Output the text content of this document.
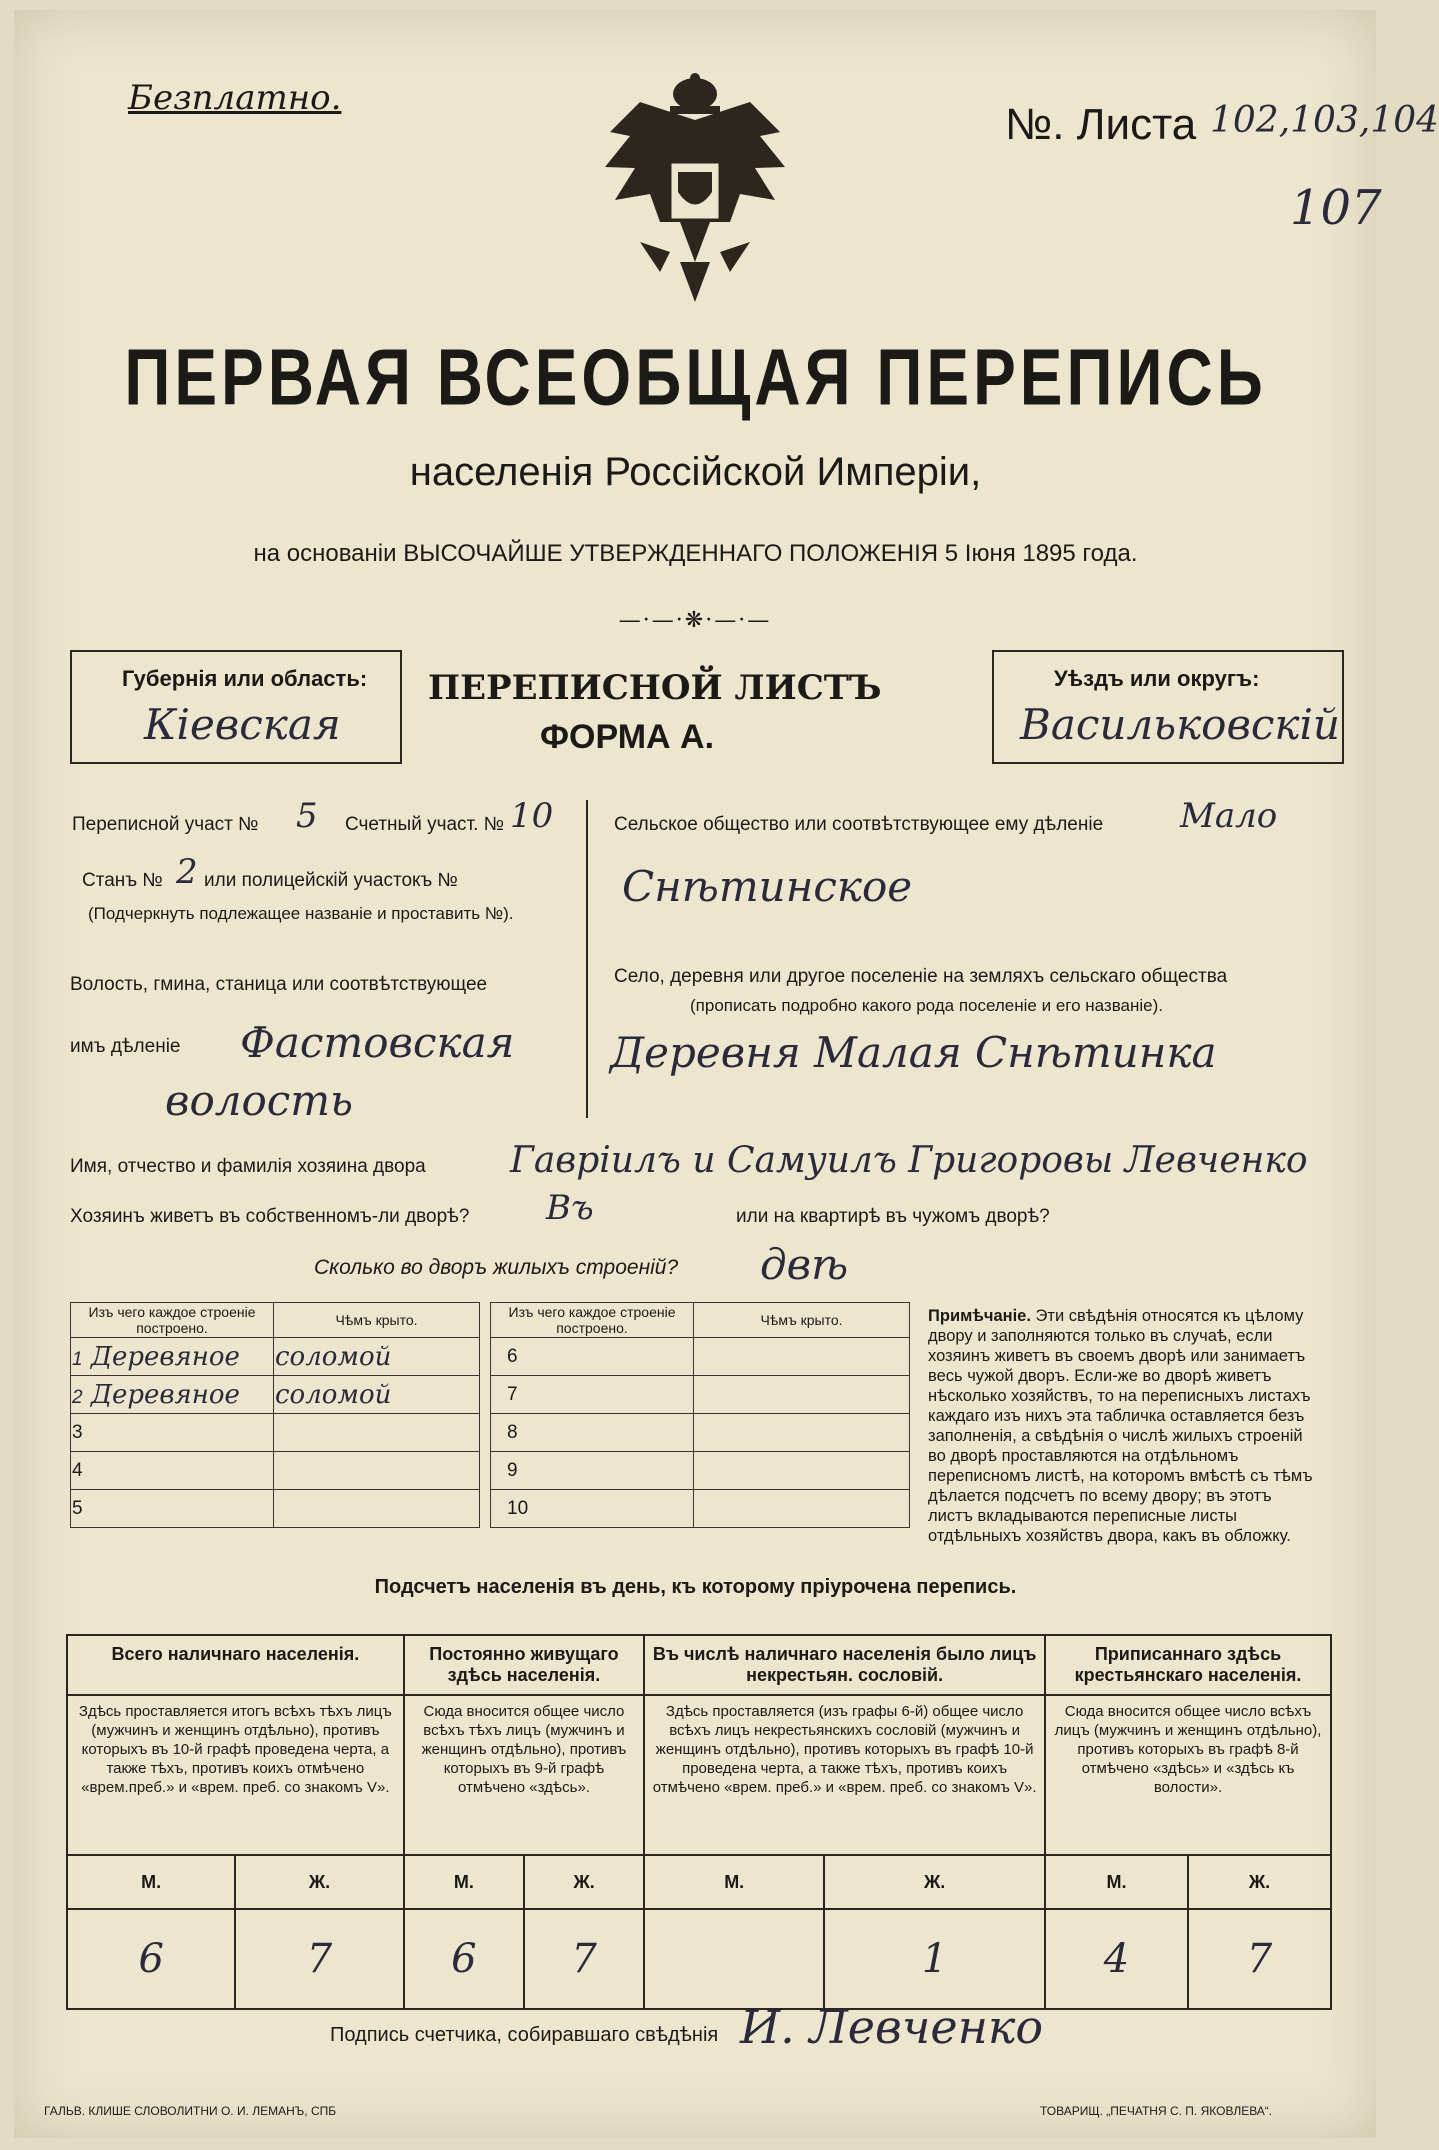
Безплатно.
№. Листа 102,103,104
107
ПЕРВАЯ ВСЕОБЩАЯ ПЕРЕПИСЬ
населенія Россійской Имперіи,
на основаніи ВЫСОЧАЙШЕ УТВЕРЖДЕННАГО ПОЛОЖЕНІЯ 5 Іюня 1895 года.
—·—·❋·—·—
Губернія или область:
Кіевская
ПЕРЕПИСНОЙ ЛИСТЪ
ФОРМА А.
Уѣздъ или округъ:
Васильковскій
Переписной участ № 5 Счетный участ. № 10
Станъ № 2 или полицейскій участокъ №
(Подчеркнуть подлежащее названіе и проставить №).
Волость, гмина, станица или соотвѣтствующее
имъ дѣленіе Фастовская
волость
Сельское общество или соотвѣтствующее ему дѣленіе Мало
Снѣтинское
Село, деревня или другое поселеніе на земляхъ сельскаго общества
(прописать подробно какого рода поселеніе и его названіе).
Деревня Малая Снѣтинка
Имя, отчество и фамилія хозяина двора Гавріилъ и Самуилъ Григоровы Левченко
Хозяинъ живетъ въ собственномъ-ли дворѣ? Въ	или на квартирѣ въ чужомъ дворѣ?
Сколько во дворъ жилыхъ строеній? двѣ
Изъ чего каждое строеніе построено.	Чѣмъ крыто.
1 Деревяное	соломой
2 Деревяное	соломой
3	
4	
5	
Изъ чего каждое строеніе построено.	Чѣмъ крыто.
6	
7	
8	
9	
10	
Примѣчаніе. Эти свѣдѣнія относятся къ цѣлому двору и заполняются только въ случаѣ, если хозяинъ живетъ въ своемъ дворѣ или занимаетъ весь чужой дворъ. Если-же во дворѣ живетъ нѣсколько хозяйствъ, то на переписныхъ листахъ каждаго изъ нихъ эта табличка оставляется безъ заполненія, а свѣдѣнія о числѣ жилыхъ строеній во дворѣ проставляются на отдѣльномъ переписномъ листѣ, на которомъ вмѣстѣ съ тѣмъ дѣлается подсчетъ по всему двору; въ этотъ листъ вкладываются переписные листы отдѣльныхъ хозяйствъ двора, какъ въ обложку.
Подсчетъ населенія въ день, къ которому пріурочена перепись.
Всего наличнаго населенія.		Постоянно живущаго здѣсь населенія.		Въ числѣ наличнаго населенія было лицъ некрестьян. сословій.		Приписаннаго здѣсь крестьянскаго населенія.	
Здѣсь проставляется итогъ всѣхъ тѣхъ лицъ (мужчинъ и женщинъ отдѣльно), противъ которыхъ въ 10-й графѣ проведена черта, а также тѣхъ, противъ коихъ отмѣчено «врем.преб.» и «врем. преб. со знакомъ V».		Сюда вносится общее число всѣхъ тѣхъ лицъ (мужчинъ и женщинъ отдѣльно), противъ которыхъ въ 9-й графѣ отмѣчено «здѣсь».		Здѣсь проставляется (изъ графы 6-й) общее число всѣхъ лицъ некрестьянскихъ сословій (мужчинъ и женщинъ отдѣльно), противъ которыхъ въ графѣ 10-й проведена черта, а также тѣхъ, противъ коихъ отмѣчено «врем. преб.» и «врем. преб. со знакомъ V».		Сюда вносится общее число всѣхъ лицъ (мужчинъ и женщинъ отдѣльно), противъ которыхъ въ графѣ 8-й отмѣчено «здѣсь» и «здѣсь къ волости».	
М.	Ж.	М.	Ж.	М.	Ж.	М.	Ж.
6	7	6	7		1	4	7
Подпись счетчика, собиравшаго свѣдѣнія И. Левченко
ГАЛЬВ. КЛИШЕ СЛОВОЛИТНИ О. И. ЛЕМАНЪ, СПБ	ТОВАРИЩ. „ПЕЧАТНЯ С. П. ЯКОВЛЕВА“.
